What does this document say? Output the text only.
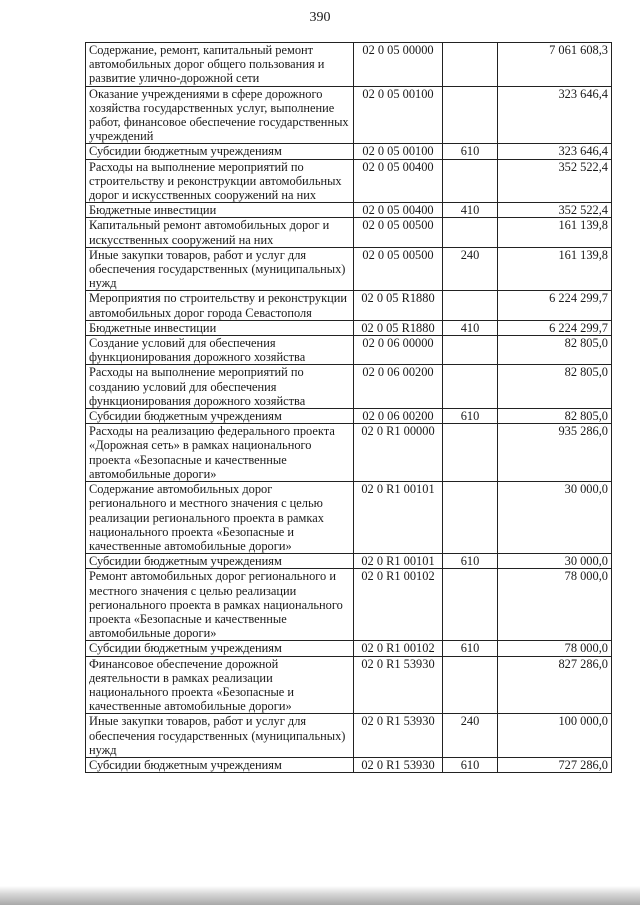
390
Содержание, ремонт, капитальный ремонт автомобильных дорог общего пользования и развитие улично-дорожной сети	02 0 05 00000		7 061 608,3
Оказание учреждениями в сфере дорожного хозяйства государственных услуг, выполнение работ, финансовое обеспечение государственных учреждений	02 0 05 00100		323 646,4
Субсидии бюджетным учреждениям	02 0 05 00100	610	323 646,4
Расходы на выполнение мероприятий по строительству и реконструкции автомобильных дорог и искусственных сооружений на них	02 0 05 00400		352 522,4
Бюджетные инвестиции	02 0 05 00400	410	352 522,4
Капитальный ремонт автомобильных дорог и искусственных сооружений на них	02 0 05 00500		161 139,8
Иные закупки товаров, работ и услуг для обеспечения государственных (муниципальных) нужд	02 0 05 00500	240	161 139,8
Мероприятия по строительству и реконструкции автомобильных дорог города Севастополя	02 0 05 R1880		6 224 299,7
Бюджетные инвестиции	02 0 05 R1880	410	6 224 299,7
Создание условий для обеспечения функционирования дорожного хозяйства	02 0 06 00000		82 805,0
Расходы на выполнение мероприятий по созданию условий для обеспечения функционирования дорожного хозяйства	02 0 06 00200		82 805,0
Субсидии бюджетным учреждениям	02 0 06 00200	610	82 805,0
Расходы на реализацию федерального проекта «Дорожная сеть» в рамках национального проекта «Безопасные и качественные автомобильные дороги»	02 0 R1 00000		935 286,0
Содержание автомобильных дорог регионального и местного значения с целью реализации регионального проекта в рамках национального проекта «Безопасные и качественные автомобильные дороги»	02 0 R1 00101		30 000,0
Субсидии бюджетным учреждениям	02 0 R1 00101	610	30 000,0
Ремонт автомобильных дорог регионального и местного значения с целью реализации регионального проекта в рамках национального проекта «Безопасные и качественные автомобильные дороги»	02 0 R1 00102		78 000,0
Субсидии бюджетным учреждениям	02 0 R1 00102	610	78 000,0
Финансовое обеспечение дорожной деятельности в рамках реализации национального проекта «Безопасные и качественные автомобильные дороги»	02 0 R1 53930		827 286,0
Иные закупки товаров, работ и услуг для обеспечения государственных (муниципальных) нужд	02 0 R1 53930	240	100 000,0
Субсидии бюджетным учреждениям	02 0 R1 53930	610	727 286,0
